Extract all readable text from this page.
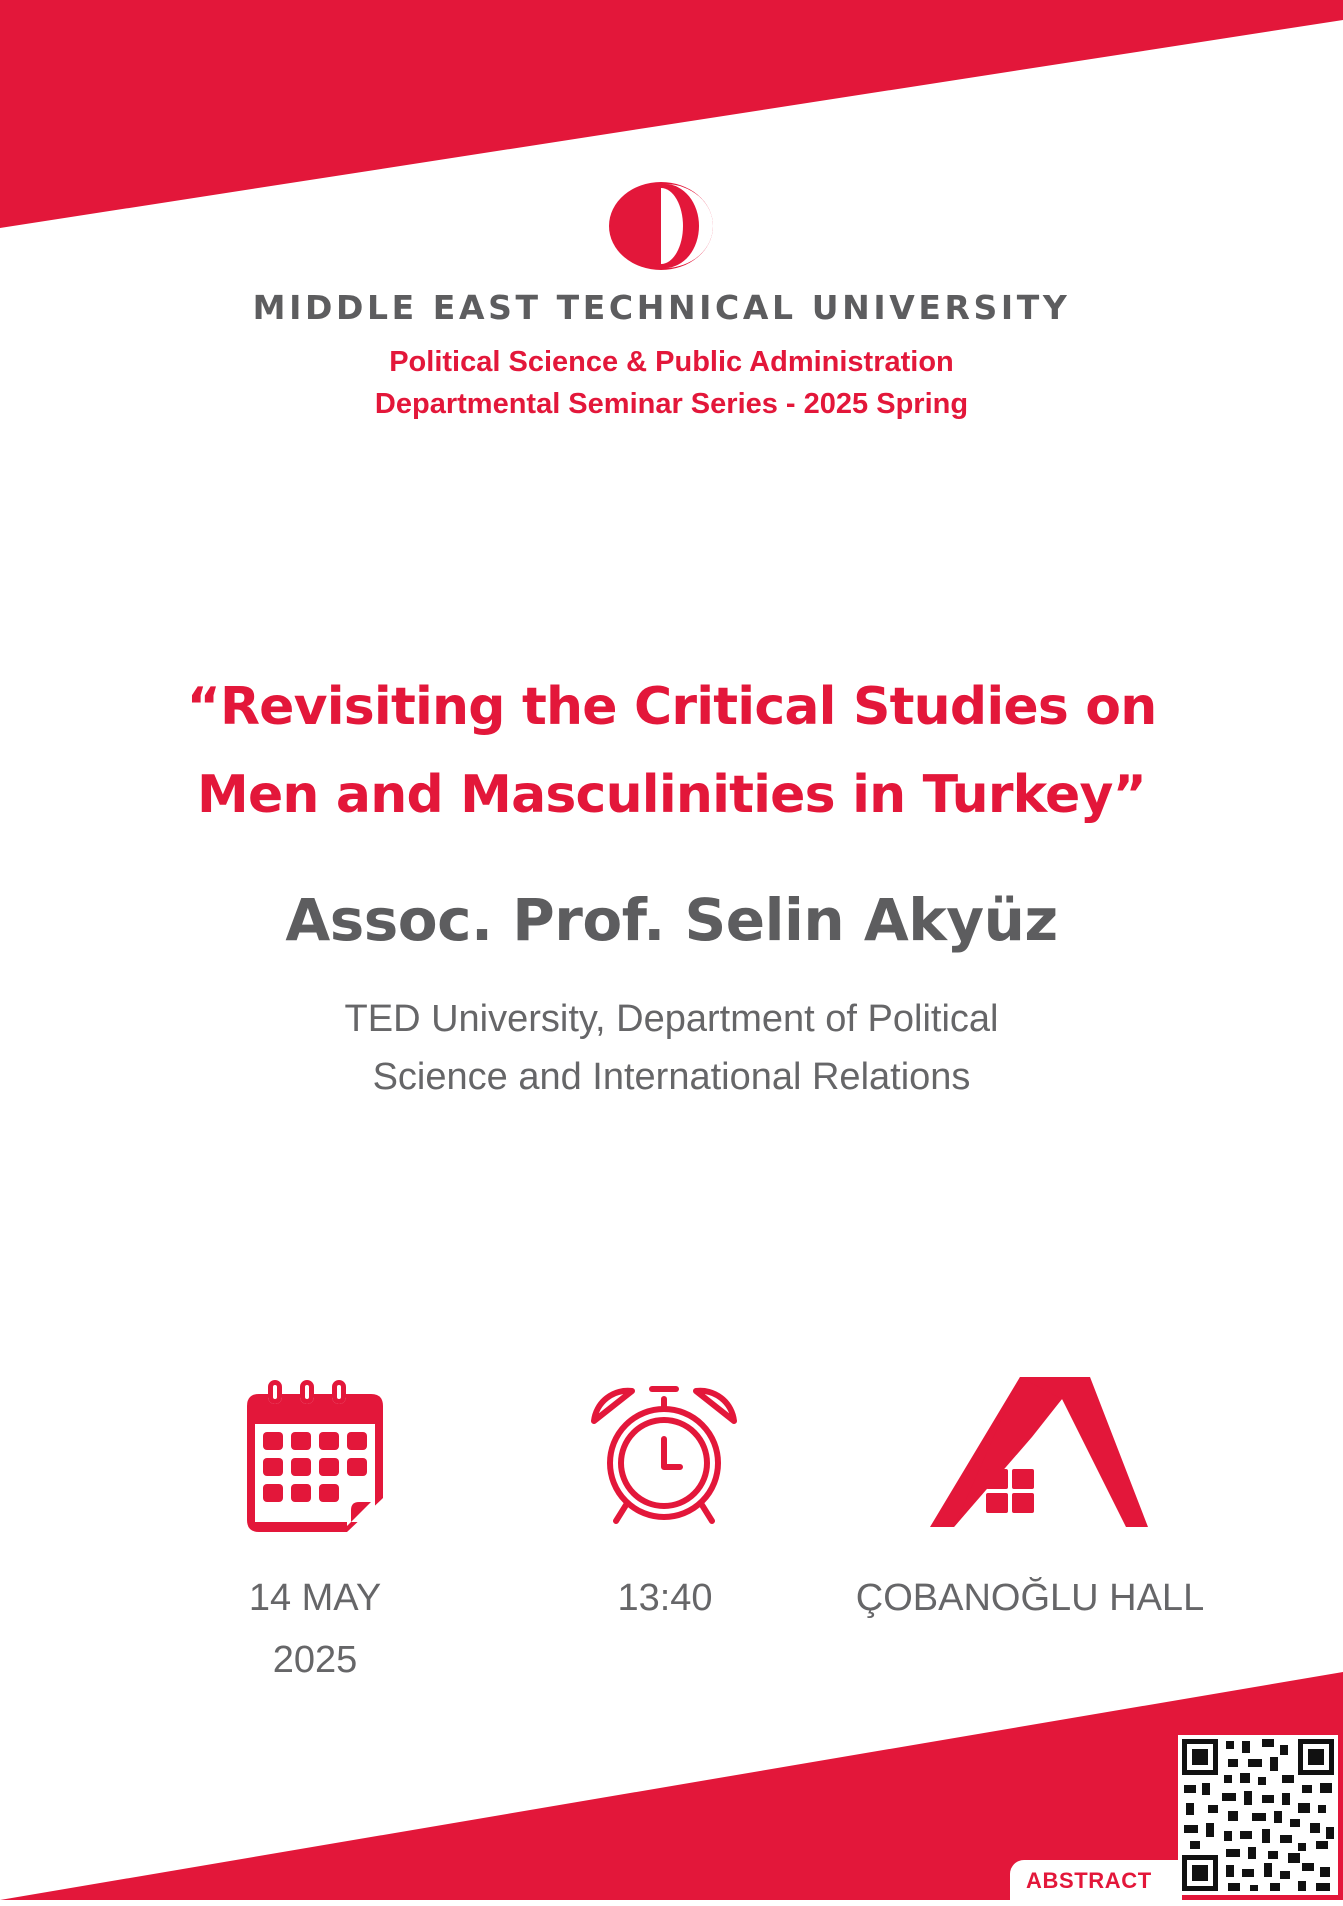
MIDDLE EAST TECHNICAL UNIVERSITY
Political Science & Public Administration
Departmental Seminar Series - 2025 Spring
“Revisiting the Critical Studies on
Men and Masculinities in Turkey”
Assoc. Prof. Selin Akyüz
TED University, Department of Political
Science and International Relations
14 MAY
2025
13:40	ÇOBANOĞLU HALL
ABSTRACT
